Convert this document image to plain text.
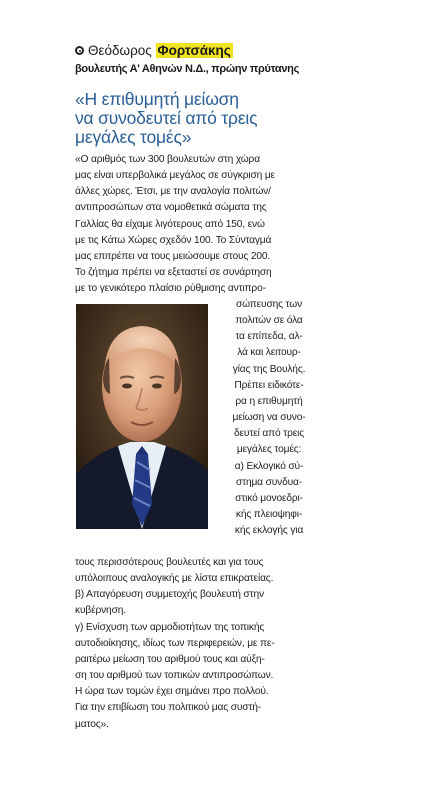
Θεόδωρος Φορτσάκης
βουλευτής Α' Αθηνών Ν.Δ., πρώην πρύτανης
«Η επιθυμητή μείωση
να συνοδευτεί από τρεις
μεγάλες τομές»
«Ο αριθμός των 300 βουλευτών στη χώρα
μας είναι υπερβολικά μεγάλος σε σύγκριση με
άλλες χώρες. Έτσι, με την αναλογία πολιτών/
αντιπροσώπων στα νομοθετικά σώματα της
Γαλλίας θα είχαμε λιγότερους από 150, ενώ
με τις Κάτω Χώρες σχεδόν 100. Το Σύνταγμά
μας επιτρέπει να τους μειώσουμε στους 200.
Το ζήτημα πρέπει να εξεταστεί σε συνάρτηση
με το γενικότερο πλαίσιο ρύθμισης αντιπρο-
σώπευσης των
πολιτών σε όλα
τα επίπεδα, αλ-
λά και λειτουρ-
γίας της Βουλής.
Πρέπει ειδικότε-
ρα η επιθυμητή
μείωση να συνο-
δευτεί από τρεις
μεγάλες τομές:
α) Εκλογικό σύ-
στημα συνδυα-
στικό μονοεδρι-
κής πλειοψηφι-
κής εκλογής για
τους περισσότερους βουλευτές και για τους
υπόλοιπους αναλογικής με λίστα επικρατείας.
β) Απαγόρευση συμμετοχής βουλευτή στην
κυβέρνηση.
γ) Ενίσχυση των αρμοδιοτήτων της τοπικής
αυτοδιοίκησης, ιδίως των περιφερειών, με πε-
ραιτέρω μείωση του αριθμού τους και αύξη-
ση του αριθμού των τοπικών αντιπροσώπων.
Η ώρα των τομών έχει σημάνει προ πολλού.
Για την επιβίωση του πολιτικού μας συστή-
ματος».
